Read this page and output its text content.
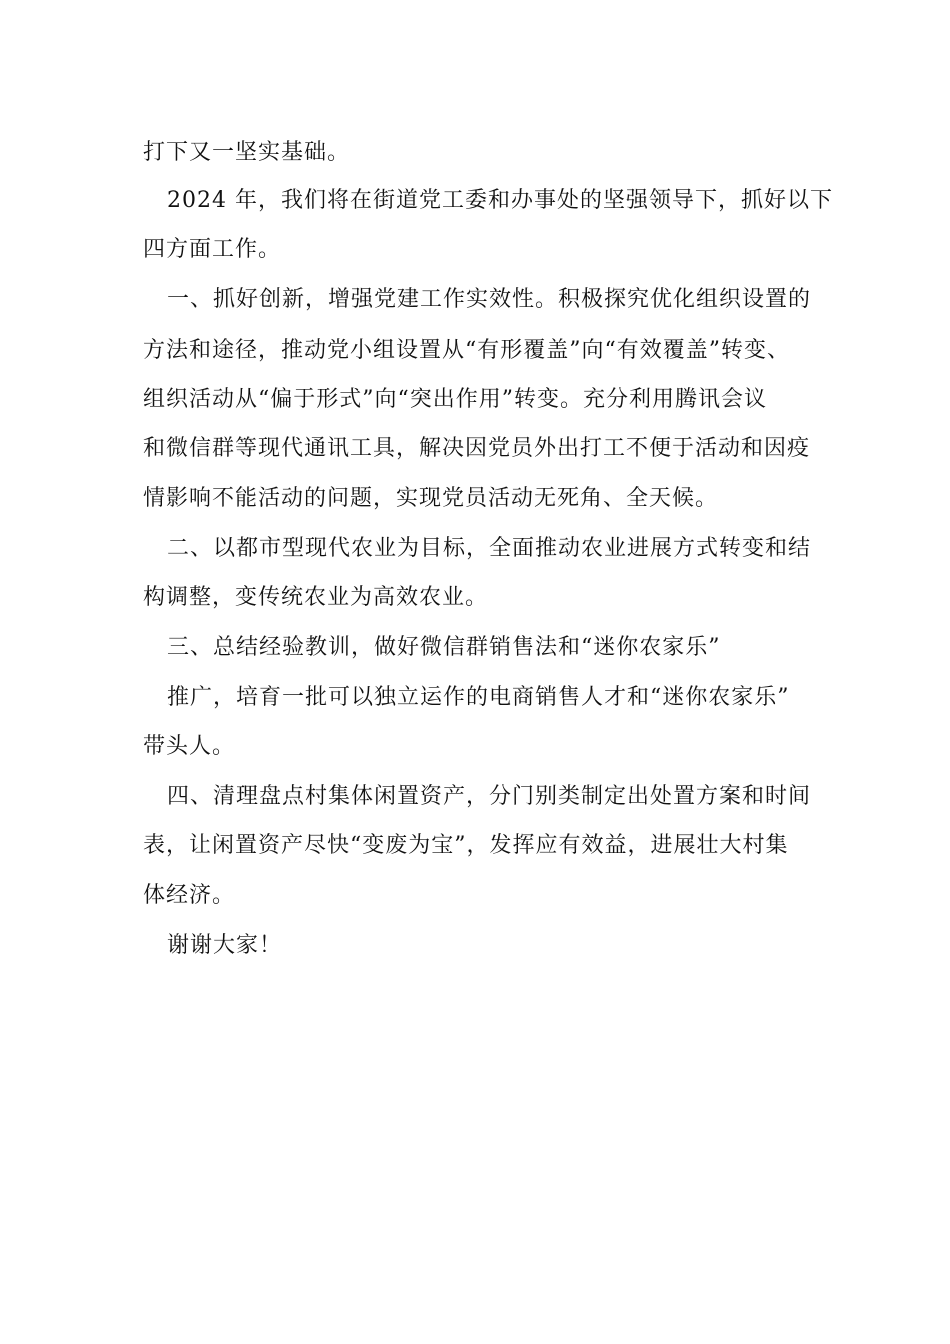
打下又一坚实基础。
2024 年，我们将在街道党工委和办事处的坚强领导下，抓好以下
四方面工作。
一、抓好创新，增强党建工作实效性。积极探究优化组织设置的
方法和途径，推动党小组设置从“有形覆盖”向“有效覆盖”转变、
组织活动从“偏于形式”向“突出作用”转变。充分利用腾讯会议
和微信群等现代通讯工具，解决因党员外出打工不便于活动和因疫
情影响不能活动的问题，实现党员活动无死角、全天候。
二、以都市型现代农业为目标，全面推动农业进展方式转变和结
构调整，变传统农业为高效农业。
三、总结经验教训，做好微信群销售法和“迷你农家乐”
推广，培育一批可以独立运作的电商销售人才和“迷你农家乐”
带头人。
四、清理盘点村集体闲置资产，分门别类制定出处置方案和时间
表，让闲置资产尽快“变废为宝”，发挥应有效益，进展壮大村集
体经济。
谢谢大家！
